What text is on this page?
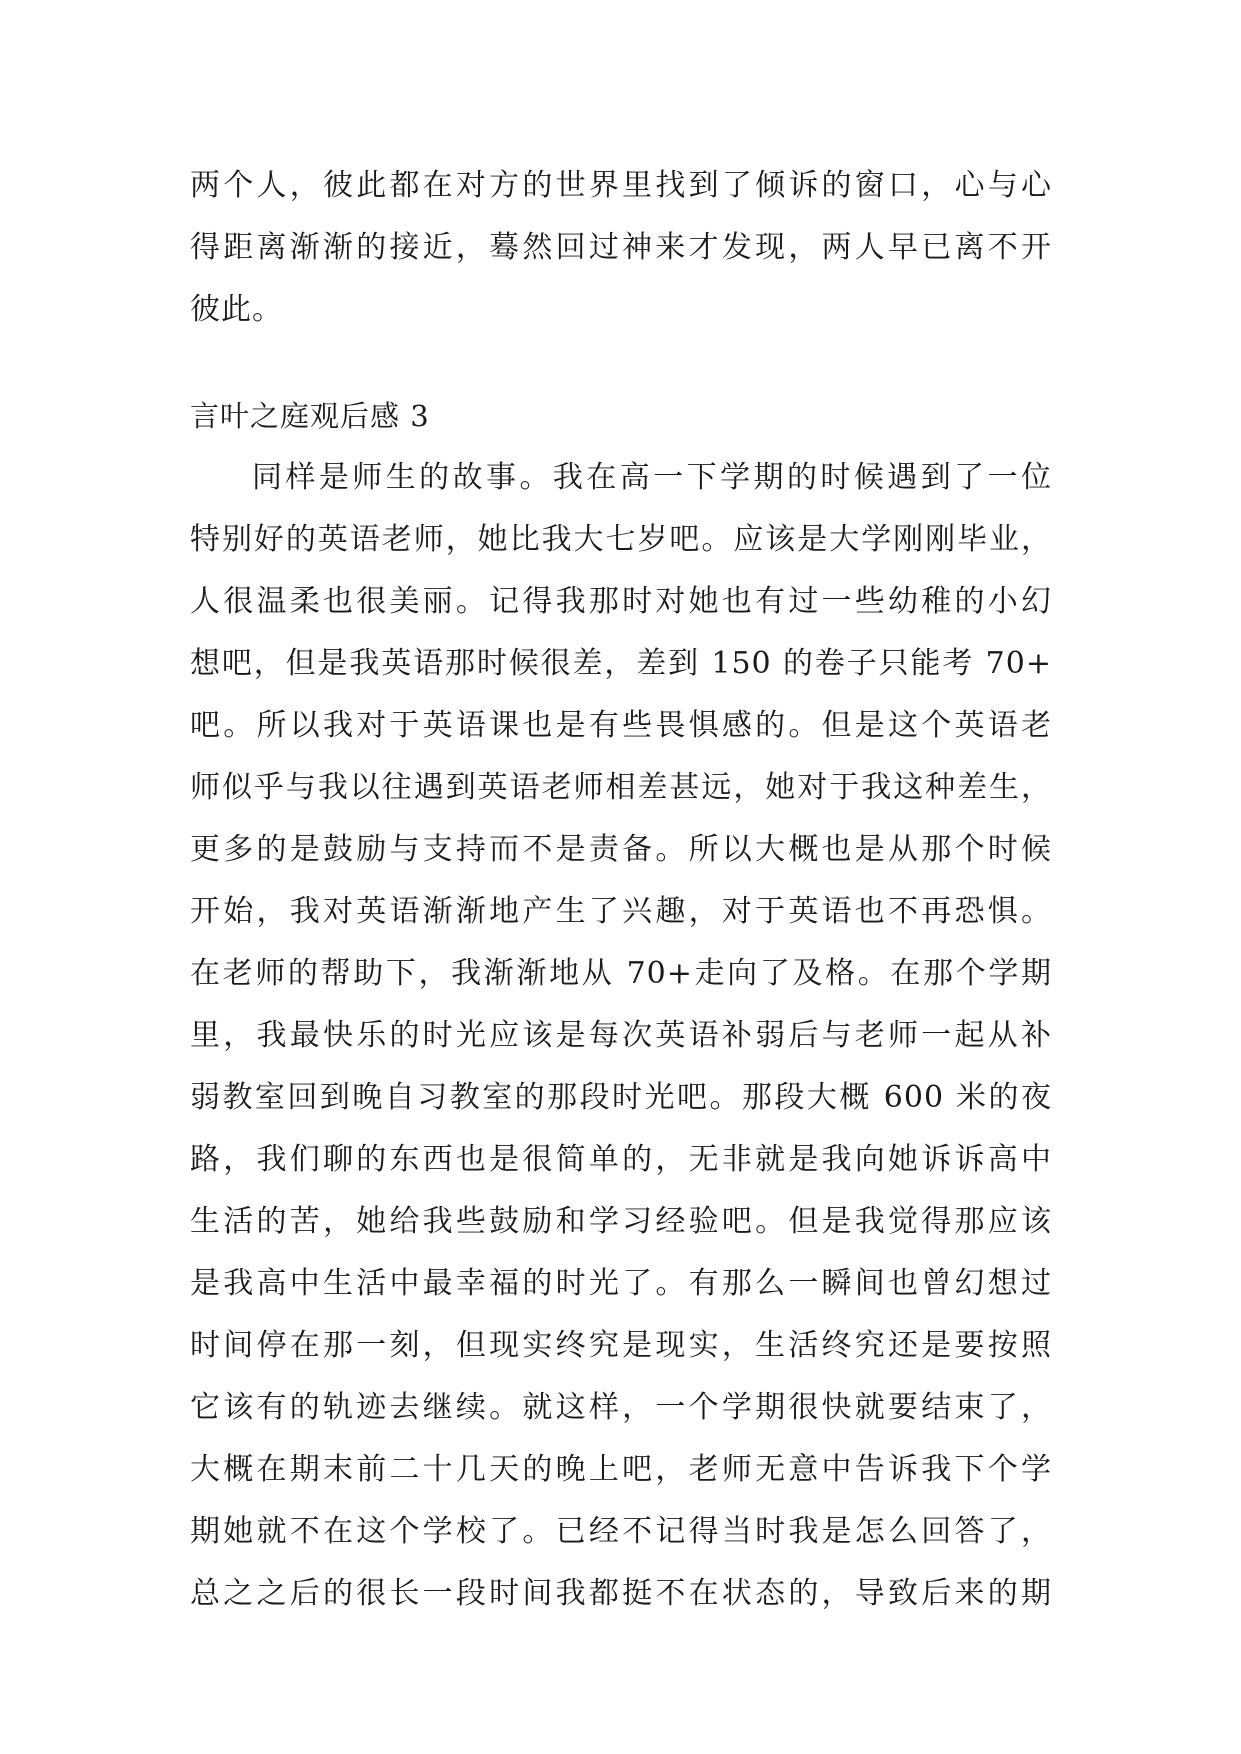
两个人，彼此都在对方的世界里找到了倾诉的窗口，心与心
得距离渐渐的接近，蓦然回过神来才发现，两人早已离不开
彼此。
言叶之庭观后感 3
同样是师生的故事。我在高一下学期的时候遇到了一位
特别好的英语老师，她比我大七岁吧。应该是大学刚刚毕业，
人很温柔也很美丽。记得我那时对她也有过一些幼稚的小幻
想吧，但是我英语那时候很差，差到 150 的卷子只能考 70+
吧。所以我对于英语课也是有些畏惧感的。但是这个英语老
师似乎与我以往遇到英语老师相差甚远，她对于我这种差生，
更多的是鼓励与支持而不是责备。所以大概也是从那个时候
开始，我对英语渐渐地产生了兴趣，对于英语也不再恐惧。
在老师的帮助下，我渐渐地从 70+走向了及格。在那个学期
里，我最快乐的时光应该是每次英语补弱后与老师一起从补
弱教室回到晚自习教室的那段时光吧。那段大概 600 米的夜
路，我们聊的东西也是很简单的，无非就是我向她诉诉高中
生活的苦，她给我些鼓励和学习经验吧。但是我觉得那应该
是我高中生活中最幸福的时光了。有那么一瞬间也曾幻想过
时间停在那一刻，但现实终究是现实，生活终究还是要按照
它该有的轨迹去继续。就这样，一个学期很快就要结束了，
大概在期末前二十几天的晚上吧，老师无意中告诉我下个学
期她就不在这个学校了。已经不记得当时我是怎么回答了，
总之之后的很长一段时间我都挺不在状态的，导致后来的期
